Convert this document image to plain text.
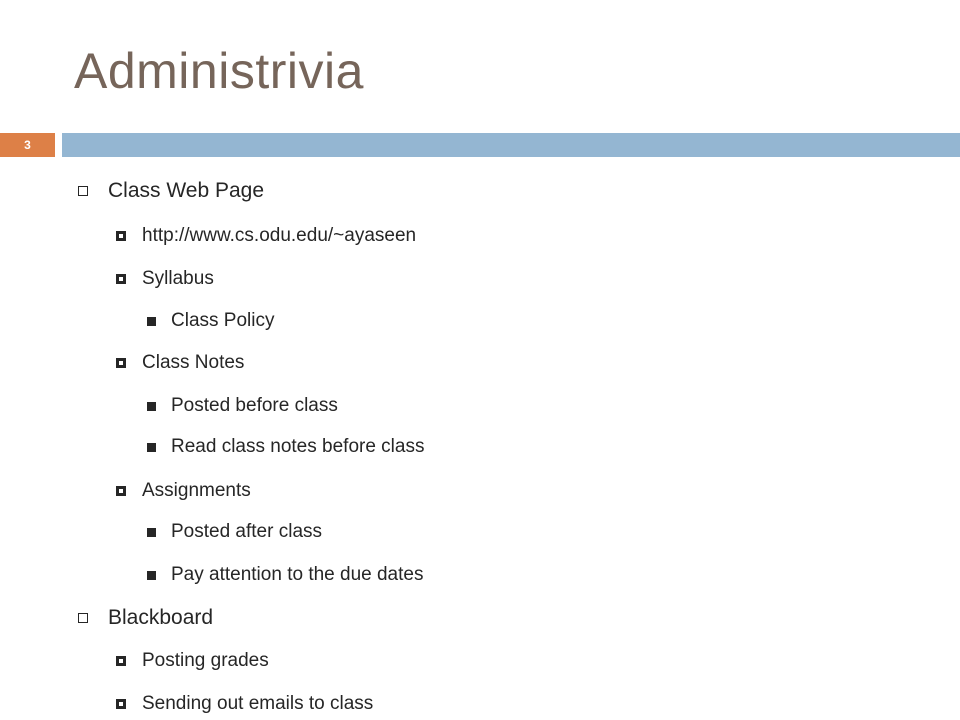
Administrivia
3
Class Web Page
http://www.cs.odu.edu/~ayaseen
Syllabus
Class Policy
Class Notes
Posted before class
Read class notes before class
Assignments
Posted after class
Pay attention to the due dates
Blackboard
Posting grades
Sending out emails to class
